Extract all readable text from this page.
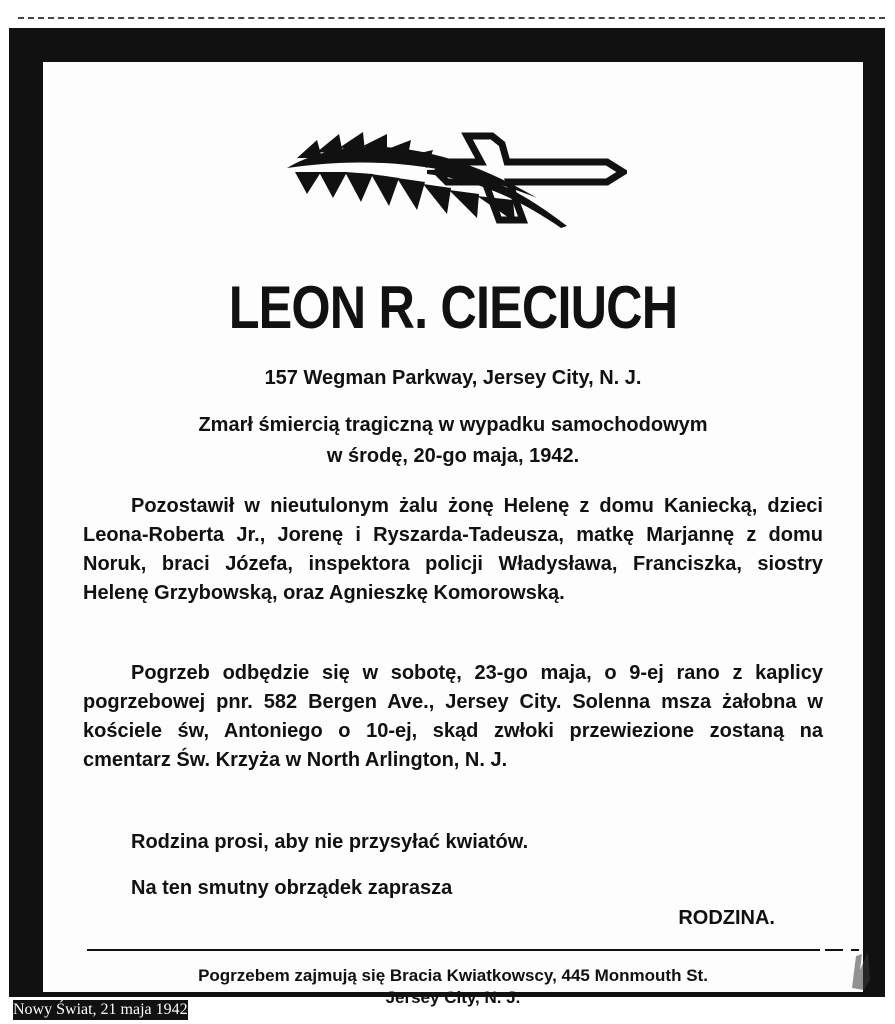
LEON R. CIECIUCH
157 Wegman Parkway, Jersey City, N. J.
Zmarł śmiercią tragiczną w wypadku samochodowym
w środę, 20-go maja, 1942.
Pozostawił w nieutulonym żalu żonę Helenę z domu Kaniecką, dzieci Leona-Roberta Jr., Jorenę i Ryszarda-Tadeusza, matkę Marjannę z domu Noruk, braci Józefa, inspektora policji Władysława, Franciszka, siostry Helenę Grzybowską, oraz Agnieszkę Komorowską.
Pogrzeb odbędzie się w sobotę, 23-go maja, o 9-ej rano z kaplicy pogrzebowej pnr. 582 Bergen Ave., Jersey City. Solenna msza żałobna w kościele św, Antoniego o 10-ej, skąd zwłoki przewiezione zostaną na cmentarz Św. Krzyża w North Arlington, N. J.
Rodzina prosi, aby nie przysyłać kwiatów.
Na ten smutny obrządek zaprasza
RODZINA.
Pogrzebem zajmują się Bracia Kwiatkowscy, 445 Monmouth St.
Jersey City, N. J.
Nowy Świat, 21 maja 1942
